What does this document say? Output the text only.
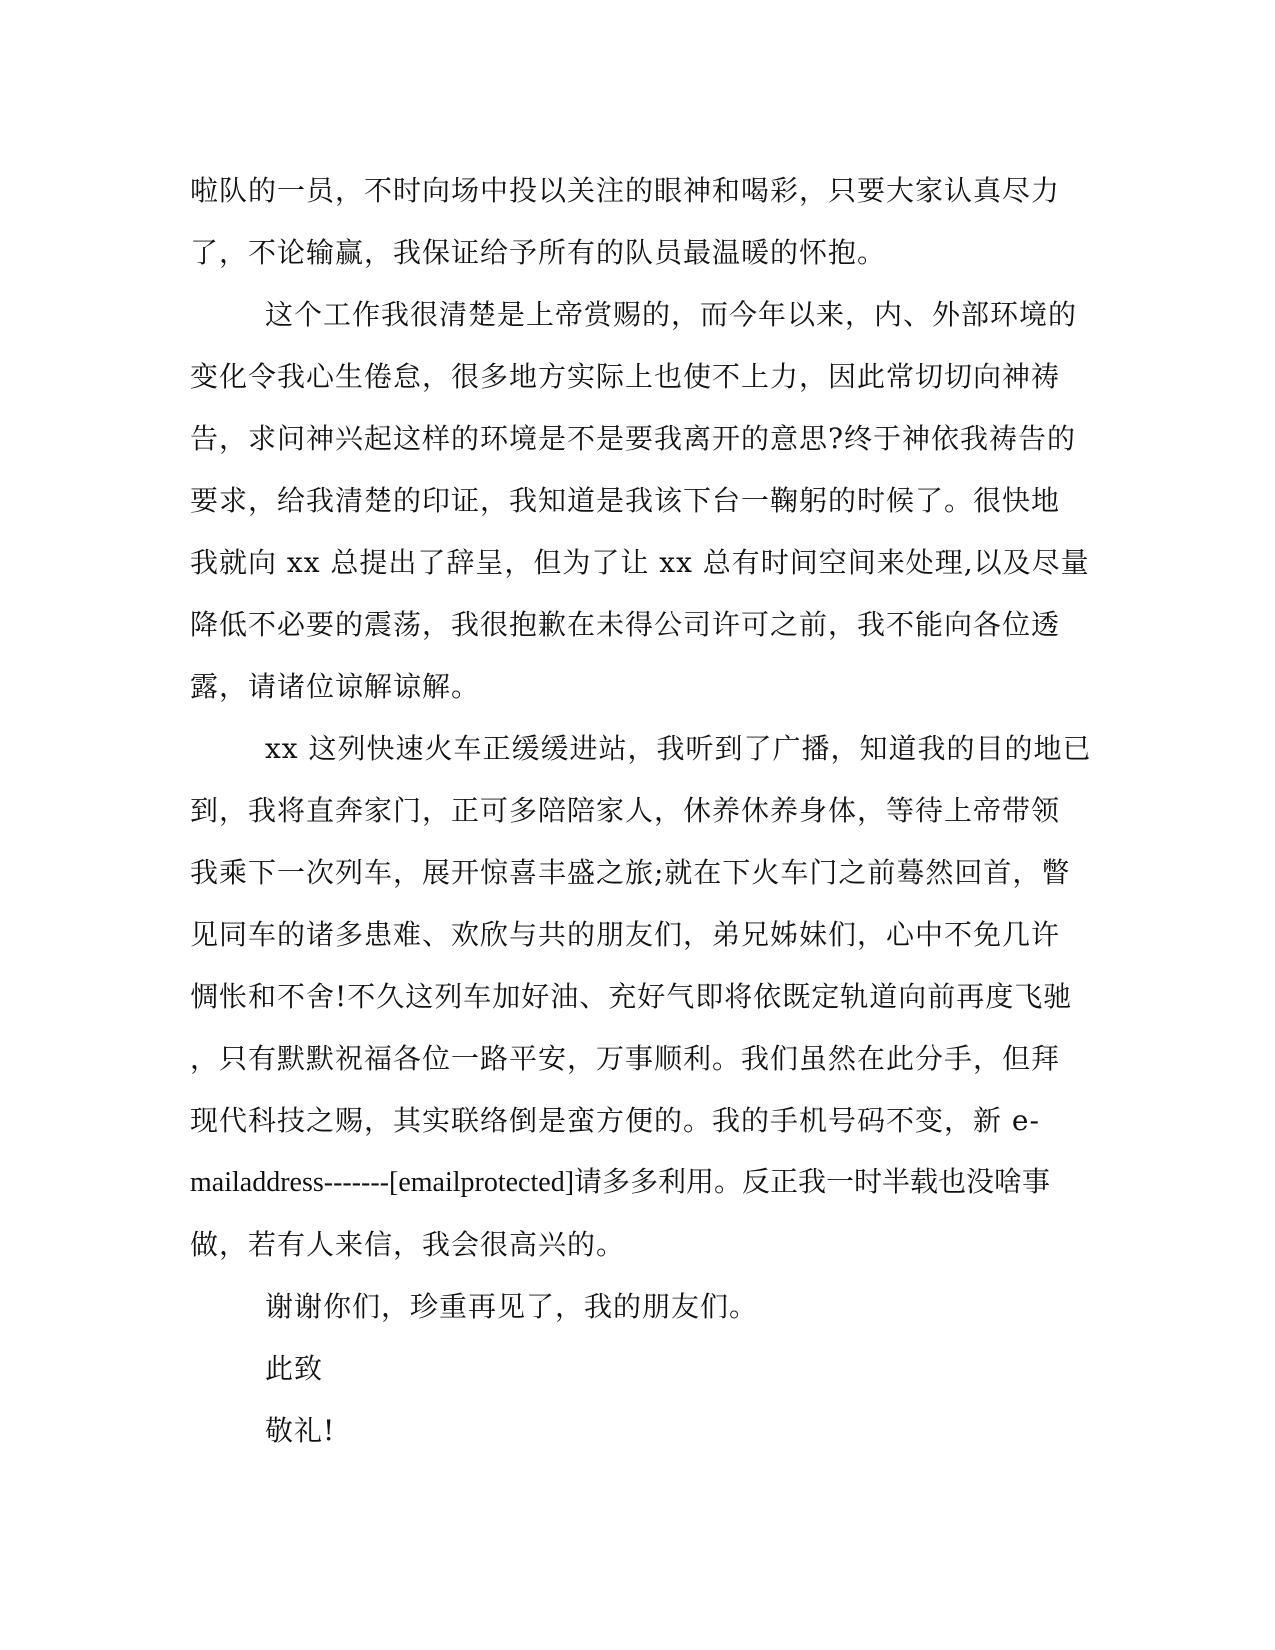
啦队的一员，不时向场中投以关注的眼神和喝彩，只要大家认真尽力
了，不论输赢，我保证给予所有的队员最温暖的怀抱。
这个工作我很清楚是上帝赏赐的，而今年以来，内、外部环境的
变化令我心生倦怠，很多地方实际上也使不上力，因此常切切向神祷
告，求问神兴起这样的环境是不是要我离开的意思?终于神依我祷告的
要求，给我清楚的印证，我知道是我该下台一鞠躬的时候了。很快地
我就向 xx 总提出了辞呈，但为了让 xx 总有时间空间来处理,以及尽量
降低不必要的震荡，我很抱歉在未得公司许可之前，我不能向各位透
露，请诸位谅解谅解。
xx 这列快速火车正缓缓进站，我听到了广播，知道我的目的地已
到，我将直奔家门，正可多陪陪家人，休养休养身体，等待上帝带领
我乘下一次列车，展开惊喜丰盛之旅;就在下火车门之前蓦然回首，瞥
见同车的诸多患难、欢欣与共的朋友们，弟兄姊妹们，心中不免几许
惆怅和不舍!不久这列车加好油、充好气即将依既定轨道向前再度飞驰
，只有默默祝福各位一路平安，万事顺利。我们虽然在此分手，但拜
现代科技之赐，其实联络倒是蛮方便的。我的手机号码不变，新 e-
mailaddress-------[emailprotected]请多多利用。反正我一时半载也没啥事
做，若有人来信，我会很高兴的。
谢谢你们，珍重再见了，我的朋友们。
此致
敬礼!
